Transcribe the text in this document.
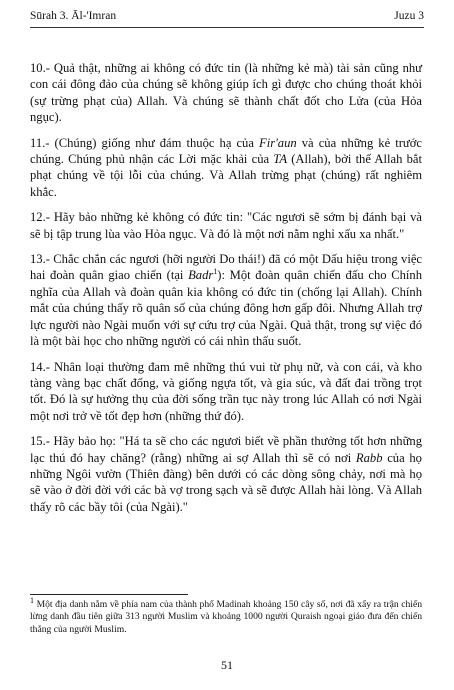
Sūrah 3. Āl-'Imran	Juzu 3

10.- Quả thật, những ai không có đức tin (là những kẻ mà) tài sản cũng như con cái đông đảo của chúng sẽ không giúp ích gì được cho chúng thoát khỏi (sự trừng phạt của) Allah. Và chúng sẽ thành chất đốt cho Lửa (của Hỏa ngục).

11.- (Chúng) giống như đám thuộc hạ của Fir'aun và của những kẻ trước chúng. Chúng phủ nhận các Lời mặc khải của TA (Allah), bởi thế Allah bắt phạt chúng về tội lỗi của chúng. Và Allah trừng phạt (chúng) rất nghiêm khắc.

12.- Hãy bảo những kẻ không có đức tin: "Các ngươi sẽ sớm bị đánh bại và sẽ bị tập trung lùa vào Hỏa ngục. Và đó là một nơi nằm nghỉ xấu xa nhất."

13.- Chắc chắn các ngươi (hỡi người Do thái!) đã có một Dấu hiệu trong việc hai đoàn quân giao chiến (tại Badr$^1$): Một đoàn quân chiến đấu cho Chính nghĩa của Allah và đoàn quân kia không có đức tin (chống lại Allah). Chính mắt của chúng thấy rõ quân số của chúng đông hơn gấp đôi. Nhưng Allah trợ lực người nào Ngài muốn với sự cứu trợ của Ngài. Quả thật, trong sự việc đó là một bài học cho những người có cái nhìn thấu suốt.

14.- Nhân loại thường đam mê những thú vui từ phụ nữ, và con cái, và kho tàng vàng bạc chất đống, và giống ngựa tốt, và gia súc, và đất đai trồng trọt tốt. Đó là sự hưởng thụ của đời sống trần tục này trong lúc Allah có nơi Ngài một nơi trở về tốt đẹp hơn (những thứ đó).

15.- Hãy bảo họ: "Há ta sẽ cho các ngươi biết về phần thưởng tốt hơn những lạc thú đó hay chăng? (rằng) những ai sợ Allah thì sẽ có nơi Rabb của họ những Ngôi vườn (Thiên đàng) bên dưới có các dòng sông chảy, nơi mà họ sẽ vào ở đời đời với các bà vợ trong sạch và sẽ được Allah hài lòng. Và Allah thấy rõ các bầy tôi (của Ngài)."

$^1$ Một địa danh nằm về phía nam của thành phố Madinah khoảng 150 cây số, nơi đã xẩy ra trận chiến lừng danh đầu tiên giữa 313 người Muslim và khoảng 1000 người Quraish ngoại giáo đưa đến chiến thắng của người Muslim.
51
